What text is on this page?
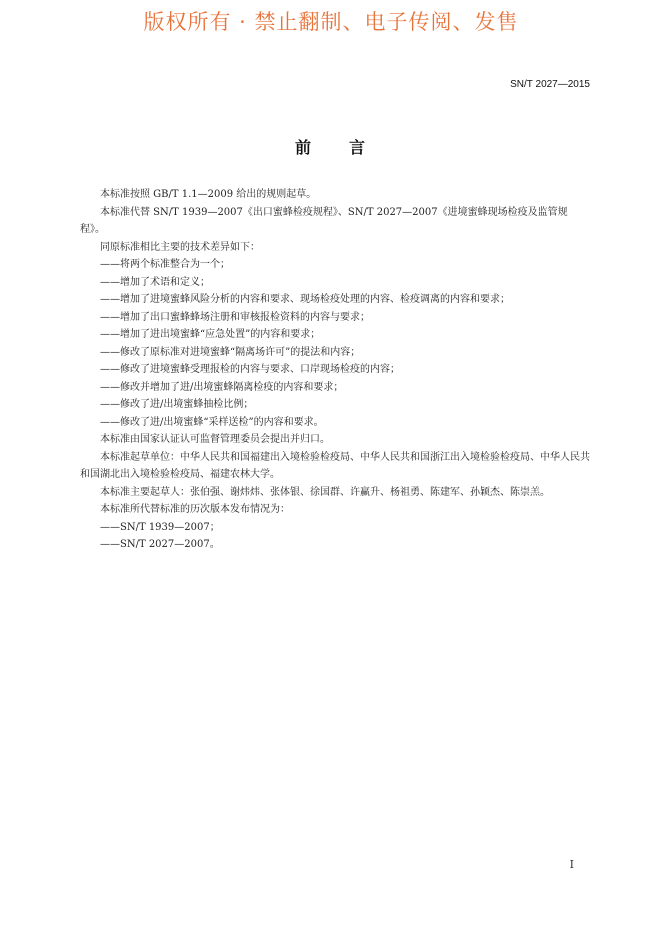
版权所有 · 禁止翻制、电子传阅、发售
SN/T 2027—2015
前 言

本标准按照 GB/T 1.1—2009 给出的规则起草。

本标准代替 SN/T 1939—2007《出口蜜蜂检疫规程》、SN/T 2027—2007《进境蜜蜂现场检疫及监管规程》。

同原标准相比主要的技术差异如下：

——将两个标准整合为一个；

——增加了术语和定义；

——增加了进境蜜蜂风险分析的内容和要求、现场检疫处理的内容、检疫调离的内容和要求；

——增加了出口蜜蜂蜂场注册和审核报检资料的内容与要求；

——增加了进出境蜜蜂“应急处置”的内容和要求；

——修改了原标准对进境蜜蜂“隔离场许可”的提法和内容；

——修改了进境蜜蜂受理报检的内容与要求、口岸现场检疫的内容；

——修改并增加了进/出境蜜蜂隔离检疫的内容和要求；

——修改了进/出境蜜蜂抽检比例；

——修改了进/出境蜜蜂“采样送检”的内容和要求。

本标准由国家认证认可监督管理委员会提出并归口。

本标准起草单位：中华人民共和国福建出入境检验检疫局、中华人民共和国浙江出入境检验检疫局、中华人民共和国湖北出入境检验检疫局、福建农林大学。

本标准主要起草人：张伯强、谢炜炜、张体银、徐国群、许赢升、杨祖勇、陈建军、孙颖杰、陈崇羔。

本标准所代替标准的历次版本发布情况为：

——SN/T 1939—2007；

——SN/T 2027—2007。

I
